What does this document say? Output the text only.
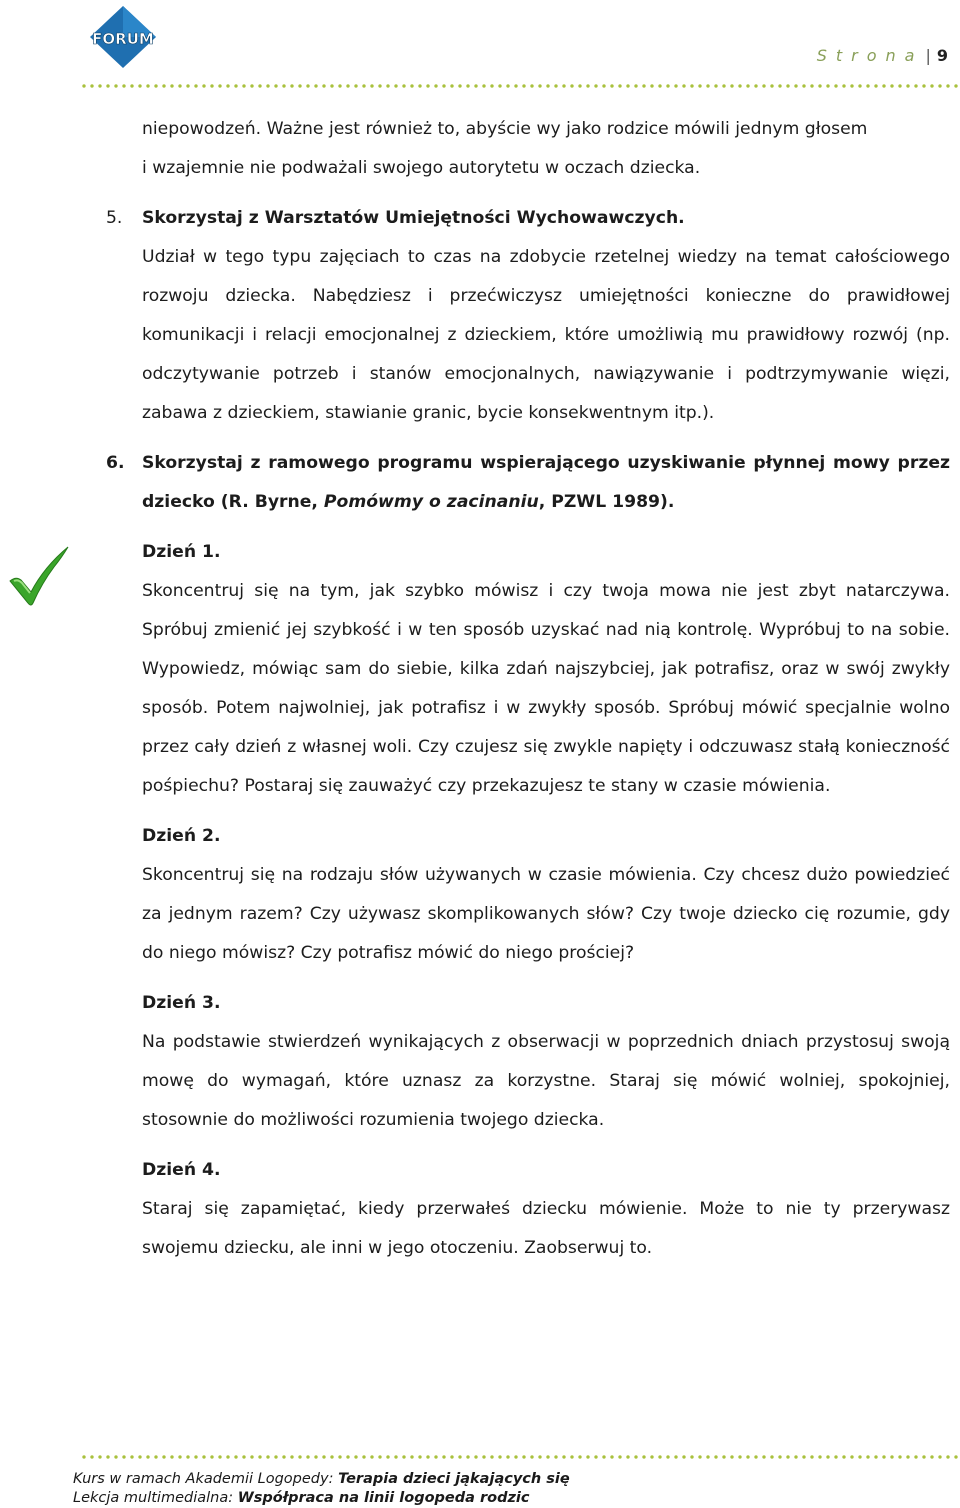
FORUM
Strona | 9

niepowodzeń. Ważne jest również to, abyście wy jako rodzice mówili jednym głosem
i wzajemnie nie podważali swojego autorytetu w oczach dziecka.

5. Skorzystaj z Warsztatów Umiejętności Wychowawczych.

Udział w tego typu zajęciach to czas na zdobycie rzetelnej wiedzy na temat całościowego rozwoju dziecka. Nabędziesz i przećwiczysz umiejętności konieczne do prawidłowej komunikacji i relacji emocjonalnej z dzieckiem, które umożliwią mu prawidłowy rozwój (np. odczytywanie potrzeb i stanów emocjonalnych, nawiązywanie i podtrzymywanie więzi, zabawa z dzieckiem, stawianie granic, bycie konsekwentnym itp.).

6. Skorzystaj z ramowego programu wspierającego uzyskiwanie płynnej mowy przez dziecko (R. Byrne, Pomówmy o zacinaniu, PZWL 1989).

Dzień 1.

Skoncentruj się na tym, jak szybko mówisz i czy twoja mowa nie jest zbyt natarczywa. Spróbuj zmienić jej szybkość i w ten sposób uzyskać nad nią kontrolę. Wypróbuj to na sobie. Wypowiedz, mówiąc sam do siebie, kilka zdań najszybciej, jak potrafisz, oraz w swój zwykły sposób. Potem najwolniej, jak potrafisz i w zwykły sposób. Spróbuj mówić specjalnie wolno przez cały dzień z własnej woli. Czy czujesz się zwykle napięty i odczuwasz stałą konieczność pośpiechu? Postaraj się zauważyć czy przekazujesz te stany w czasie mówienia.

Dzień 2.

Skoncentruj się na rodzaju słów używanych w czasie mówienia. Czy chcesz dużo powiedzieć za jednym razem? Czy używasz skomplikowanych słów? Czy twoje dziecko cię rozumie, gdy do niego mówisz? Czy potrafisz mówić do niego prościej?

Dzień 3.

Na podstawie stwierdzeń wynikających z obserwacji w poprzednich dniach przystosuj swoją mowę do wymagań, które uznasz za korzystne. Staraj się mówić wolniej, spokojniej, stosownie do możliwości rozumienia twojego dziecka.

Dzień 4.

Staraj się zapamiętać, kiedy przerwałeś dziecku mówienie. Może to nie ty przerywasz swojemu dziecku, ale inni w jego otoczeniu. Zaobserwuj to.

Kurs w ramach Akademii Logopedy: Terapia dzieci jąkających się
Lekcja multimedialna: Współpraca na linii logopeda rodzic
